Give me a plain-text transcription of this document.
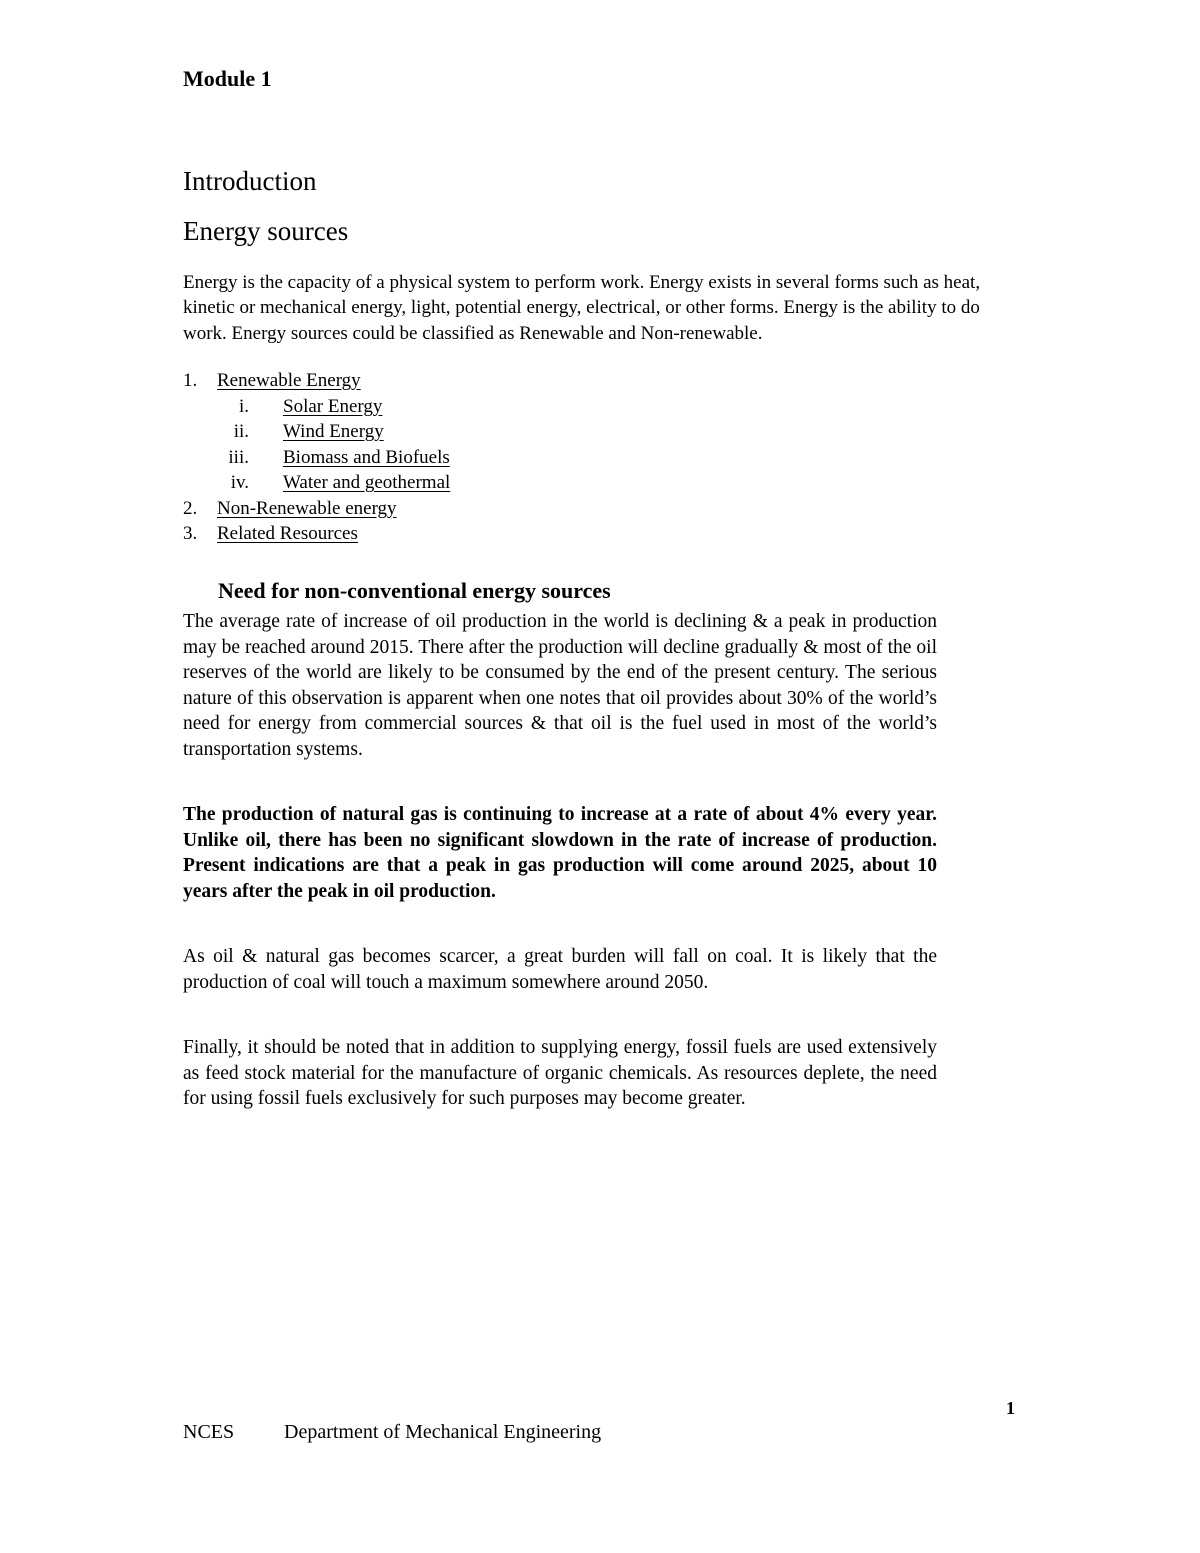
Module 1
Introduction
Energy sources

Energy is the capacity of a physical system to perform work. Energy exists in several forms such as heat, kinetic or mechanical energy, light, potential energy, electrical, or other forms. Energy is the ability to do work. Energy sources could be classified as Renewable and Non-renewable.

1. Renewable Energy
i. Solar Energy
ii. Wind Energy
iii. Biomass and Biofuels
iv. Water and geothermal
2. Non-Renewable energy
3. Related Resources
Need for non-conventional energy sources

The average rate of increase of oil production in the world is declining & a peak in production may be reached around 2015. There after the production will decline gradually & most of the oil reserves of the world are likely to be consumed by the end of the present century. The serious nature of this observation is apparent when one notes that oil provides about 30% of the world’s need for energy from commercial sources & that oil is the fuel used in most of the world’s transportation systems.

The production of natural gas is continuing to increase at a rate of about 4% every year. Unlike oil, there has been no significant slowdown in the rate of increase of production. Present indications are that a peak in gas production will come around 2025, about 10 years after the peak in oil production.

As oil & natural gas becomes scarcer, a great burden will fall on coal. It is likely that the production of coal will touch a maximum somewhere around 2050.

Finally, it should be noted that in addition to supplying energy, fossil fuels are used extensively as feed stock material for the manufacture of organic chemicals. As resources deplete, the need for using fossil fuels exclusively for such purposes may become greater.

1
NCES Department of Mechanical Engineering
